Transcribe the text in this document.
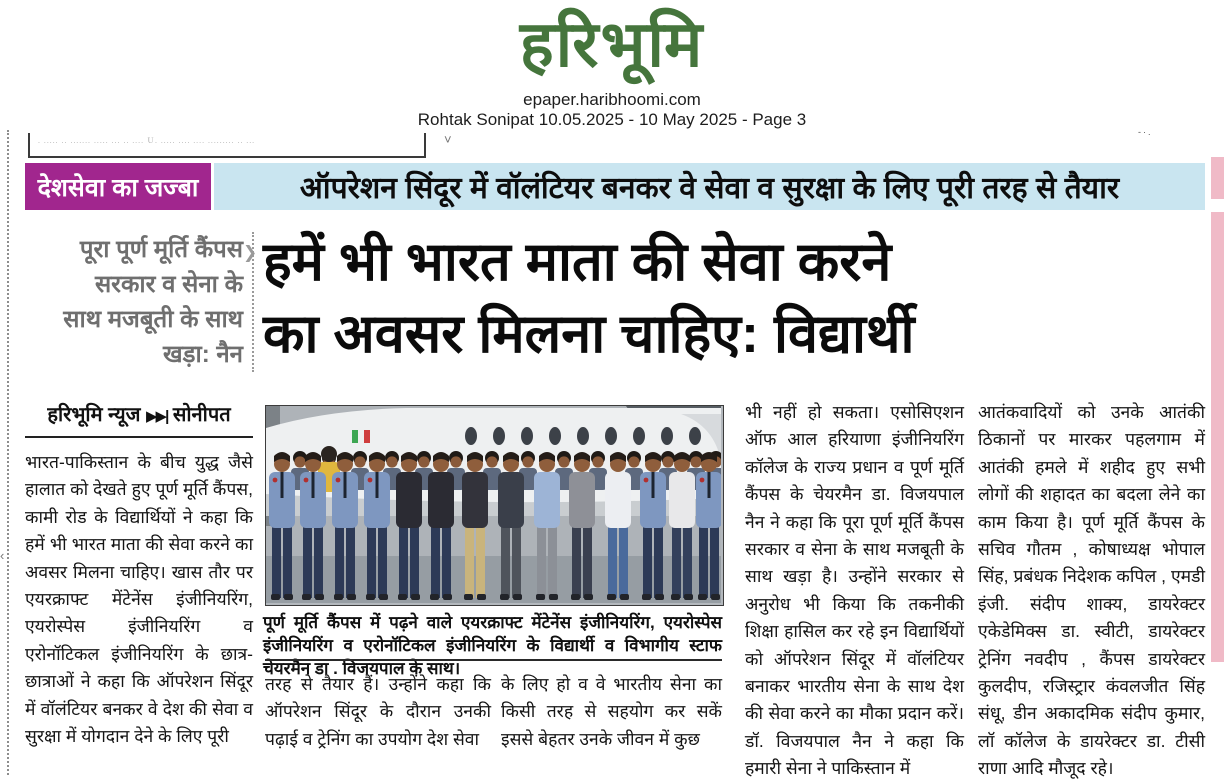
हरिभूमि
epaper.haribhoomi.com
Rohtak Sonipat 10.05.2025 - 10 May 2025 - Page 3
. ..... .. ....... ..... ... .. .... Ｕ. ..... .... .... ......... .. ...	˅	-·.
‹
देशसेवा का जज्बा	ऑपरेशन सिंदूर में वॉलंटियर बनकर वे सेवा व सुरक्षा के लिए पूरी तरह से तैयार
पूरा पूर्ण मूर्ति कैंपस
सरकार व सेना के
साथ मजबूती के साथ
खड़ा: नैन
❯ हमें भी भारत माता की सेवा करने
का अवसर मिलना चाहिए: विद्यार्थी
हरिभूमि न्यूज ▶▶| सोनीपत
भारत-पाकिस्तान के बीच युद्ध जैसे हालात को देखते हुए पूर्ण मूर्ति कैंपस, कामी रोड के विद्यार्थियों ने कहा कि हमें भी भारत माता की सेवा करने का अवसर मिलना चाहिए। खास तौर पर एयरक्राफ्ट मेंटेनेंस इंजीनियरिंग, एयरोस्पेस इंजीनियरिंग व एरोनॉटिकल इंजीनियरिंग के छात्र-छात्राओं ने कहा कि ऑपरेशन सिंदूर में वॉलंटियर बनकर वे देश की सेवा व सुरक्षा में योगदान देने के लिए पूरी
पूर्ण मूर्ति कैंपस में पढ़ने वाले एयरक्राफ्ट मेंटेनेंस इंजीनियरिंग, एयरोस्पेस इंजीनियरिंग व एरोनॉटिकल इंजीनियरिंग के विद्यार्थी व विभागीय स्टाफ चेयरमैन डा . विजयपाल के साथ।
तरह से तैयार हैं। उन्होंने कहा कि ऑपरेशन सिंदूर के दौरान उनकी पढ़ाई व ट्रेनिंग का उपयोग देश सेवा
के लिए हो व वे भारतीय सेना का किसी तरह से सहयोग कर सकें इससे बेहतर उनके जीवन में कुछ
भी नहीं हो सकता। एसोसिएशन ऑफ आल हरियाणा इंजीनियरिंग कॉलेज के राज्य प्रधान व पूर्ण मूर्ति कैंपस के चेयरमैन डा. विजयपाल नैन ने कहा कि पूरा पूर्ण मूर्ति कैंपस सरकार व सेना के साथ मजबूती के साथ खड़ा है। उन्होंने सरकार से अनुरोध भी किया कि तकनीकी शिक्षा हासिल कर रहे इन विद्यार्थियों को ऑपरेशन सिंदूर में वॉलंटियर बनाकर भारतीय सेना के साथ देश की सेवा करने का मौका प्रदान करें। डॉ. विजयपाल नैन ने कहा कि हमारी सेना ने पाकिस्तान में
आतंकवादियों को उनके आतंकी ठिकानों पर मारकर पहलगाम में आतंकी हमले में शहीद हुए सभी लोगों की शहादत का बदला लेने का काम किया है। पूर्ण मूर्ति कैंपस के सचिव गौतम , कोषाध्यक्ष भोपाल सिंह, प्रबंधक निदेशक कपिल , एमडी इंजी. संदीप शाक्य, डायरेक्टर एकेडेमिक्स डा. स्वीटी, डायरेक्टर ट्रेनिंग नवदीप , कैंपस डायरेक्टर कुलदीप, रजिस्ट्रार कंवलजीत सिंह संधू, डीन अकादमिक संदीप कुमार, लॉ कॉलेज के डायरेक्टर डा. टीसी राणा आदि मौजूद रहे।
